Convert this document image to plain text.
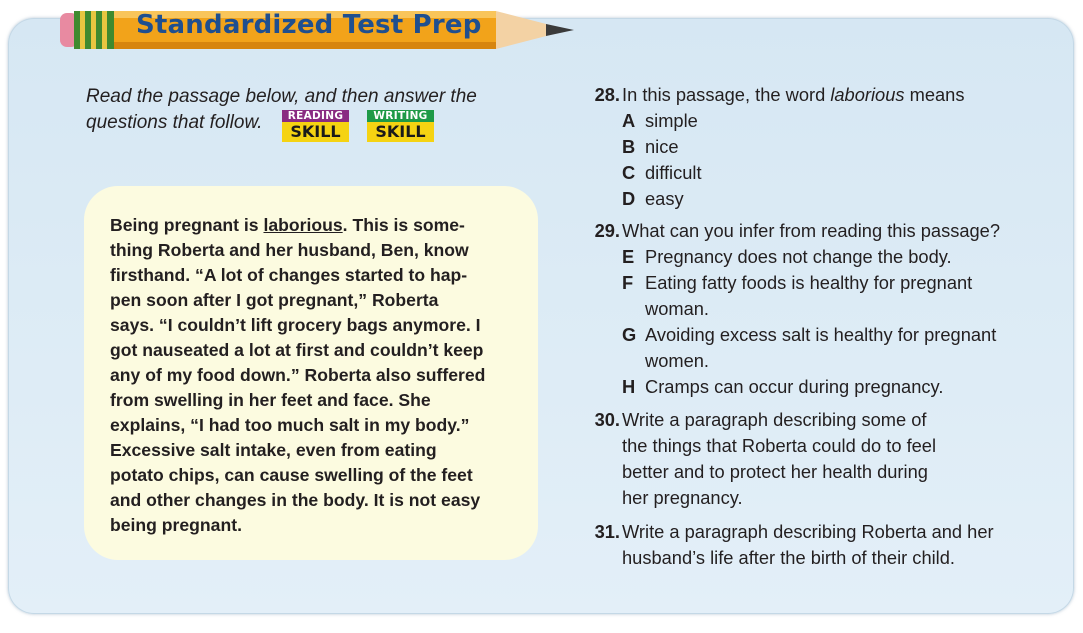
Standardized Test Prep
Read the passage below, and then answer the
questions that follow.	READING
SKILL
WRITING
SKILL
Being pregnant is laborious. This is some-
thing Roberta and her husband, Ben, know
firsthand. “A lot of changes started to hap-
pen soon after I got pregnant,” Roberta
says. “I couldn’t lift grocery bags anymore. I
got nauseated a lot at first and couldn’t keep
any of my food down.” Roberta also suffered
from swelling in her feet and face. She
explains, “I had too much salt in my body.”
Excessive salt intake, even from eating
potato chips, can cause swelling of the feet
and other changes in the body. It is not easy
being pregnant.
28. In this passage, the word laborious means
A simple
B nice
C difficult
D easy
29. What can you infer from reading this passage?
E Pregnancy does not change the body.
F Eating fatty foods is healthy for pregnant
woman.
G Avoiding excess salt is healthy for pregnant
women.
H Cramps can occur during pregnancy.
30. Write a paragraph describing some of
the things that Roberta could do to feel
better and to protect her health during
her pregnancy.
31. Write a paragraph describing Roberta and her
husband’s life after the birth of their child.
